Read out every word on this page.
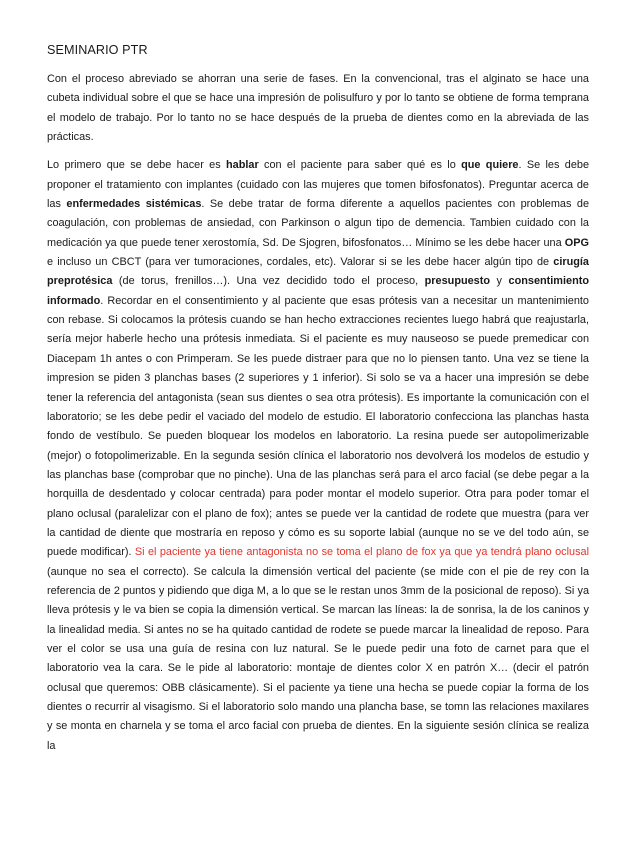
SEMINARIO PTR

Con el proceso abreviado se ahorran una serie de fases. En la convencional, tras el alginato se hace una cubeta individual sobre el que se hace una impresión de polisulfuro y por lo tanto se obtiene de forma temprana el modelo de trabajo. Por lo tanto no se hace después de la prueba de dientes como en la abreviada de las prácticas.

Lo primero que se debe hacer es hablar con el paciente para saber qué es lo que quiere. Se les debe proponer el tratamiento con implantes (cuidado con las mujeres que tomen bifosfonatos). Preguntar acerca de las enfermedades sistémicas. Se debe tratar de forma diferente a aquellos pacientes con problemas de coagulación, con problemas de ansiedad, con Parkinson o algun tipo de demencia. Tambien cuidado con la medicación ya que puede tener xerostomía, Sd. De Sjogren, bifosfonatos… Mínimo se les debe hacer una OPG e incluso un CBCT (para ver tumoraciones, cordales, etc). Valorar si se les debe hacer algún tipo de cirugía preprotésica (de torus, frenillos…). Una vez decidido todo el proceso, presupuesto y consentimiento informado. Recordar en el consentimiento y al paciente que esas prótesis van a necesitar un mantenimiento con rebase. Si colocamos la prótesis cuando se han hecho extracciones recientes luego habrá que reajustarla, sería mejor haberle hecho una prótesis inmediata. Si el paciente es muy nauseoso se puede premedicar con Diacepam 1h antes o con Primperam. Se les puede distraer para que no lo piensen tanto. Una vez se tiene la impresion se piden 3 planchas bases (2 superiores y 1 inferior). Si solo se va a hacer una impresión se debe tener la referencia del antagonista (sean sus dientes o sea otra prótesis). Es importante la comunicación con el laboratorio; se les debe pedir el vaciado del modelo de estudio. El laboratorio confecciona las planchas hasta fondo de vestíbulo. Se pueden bloquear los modelos en laboratorio. La resina puede ser autopolimerizable (mejor) o fotopolimerizable. En la segunda sesión clínica el laboratorio nos devolverá los modelos de estudio y las planchas base (comprobar que no pinche). Una de las planchas será para el arco facial (se debe pegar a la horquilla de desdentado y colocar centrada) para poder montar el modelo superior. Otra para poder tomar el plano oclusal (paralelizar con el plano de fox); antes se puede ver la cantidad de rodete que muestra (para ver la cantidad de diente que mostraría en reposo y cómo es su soporte labial (aunque no se ve del todo aún, se puede modificar). Si el paciente ya tiene antagonista no se toma el plano de fox ya que ya tendrá plano oclusal (aunque no sea el correcto). Se calcula la dimensión vertical del paciente (se mide con el pie de rey con la referencia de 2 puntos y pidiendo que diga M, a lo que se le restan unos 3mm de la posicional de reposo). Si ya lleva prótesis y le va bien se copia la dimensión vertical. Se marcan las líneas: la de sonrisa, la de los caninos y la linealidad media. Si antes no se ha quitado cantidad de rodete se puede marcar la linealidad de reposo. Para ver el color se usa una guía de resina con luz natural. Se le puede pedir una foto de carnet para que el laboratorio vea la cara. Se le pide al laboratorio: montaje de dientes color X en patrón X… (decir el patrón oclusal que queremos: OBB clásicamente). Si el paciente ya tiene una hecha se puede copiar la forma de los dientes o recurrir al visagismo. Si el laboratorio solo mando una plancha base, se tomn las relaciones maxilares y se monta en charnela y se toma el arco facial con prueba de dientes. En la siguiente sesión clínica se realiza la
